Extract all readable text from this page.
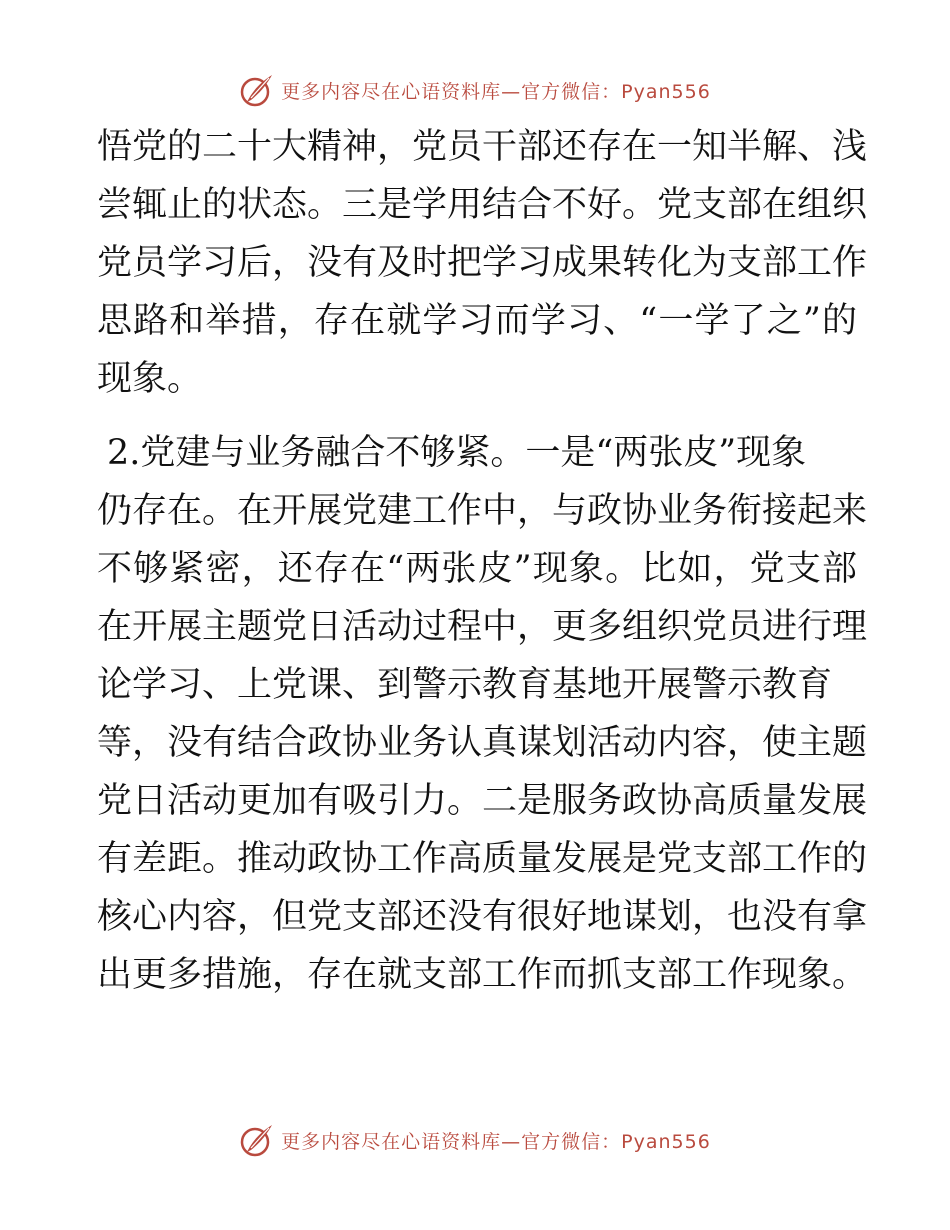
更多内容尽在心语资料库—官方微信：Pyan556
悟党的二十大精神，党员干部还存在一知半解、浅
尝辄止的状态。三是学用结合不好。党支部在组织
党员学习后，没有及时把学习成果转化为支部工作
思路和举措，存在就学习而学习、“一学了之”的
现象。
2.党建与业务融合不够紧。一是“两张皮”现象
仍存在。在开展党建工作中，与政协业务衔接起来
不够紧密，还存在“两张皮”现象。比如，党支部
在开展主题党日活动过程中，更多组织党员进行理
论学习、上党课、到警示教育基地开展警示教育
等，没有结合政协业务认真谋划活动内容，使主题
党日活动更加有吸引力。二是服务政协高质量发展
有差距。推动政协工作高质量发展是党支部工作的
核心内容，但党支部还没有很好地谋划，也没有拿
出更多措施，存在就支部工作而抓支部工作现象。
更多内容尽在心语资料库—官方微信：Pyan556
